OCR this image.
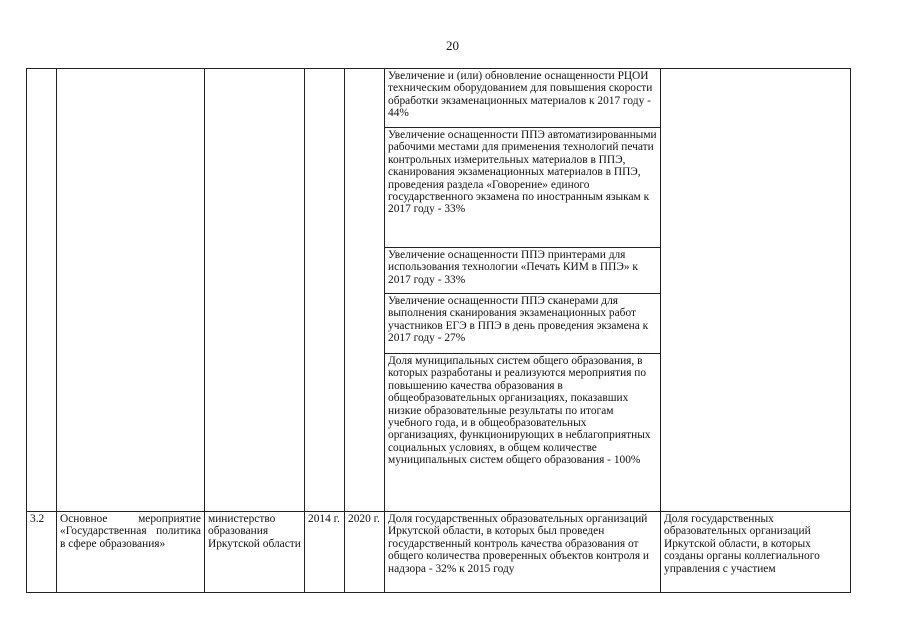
20
					Увеличение и (или) обновление оснащенности РЦОИ техническим оборудованием для повышения скорости обработки экзаменационных материалов к 2017 году - 44%	
					Увеличение оснащенности ППЭ автоматизированными рабочими местами для применения технологий печати контрольных измерительных материалов в ППЭ, сканирования экзаменационных материалов в ППЭ, проведения раздела «Говорение» единого государственного экзамена по иностранным языкам к 2017 году - 33%	
					Увеличение оснащенности ППЭ принтерами для использования технологии «Печать КИМ в ППЭ» к 2017 году - 33%	
					Увеличение оснащенности ППЭ сканерами для выполнения сканирования экзаменационных работ участников ЕГЭ в ППЭ в день проведения экзамена к 2017 году - 27%	
					Доля муниципальных систем общего образования, в которых разработаны и реализуются мероприятия по повышению качества образования в общеобразовательных организациях, показавших низкие образовательные результаты по итогам учебного года, и в общеобразовательных организациях, функционирующих в неблагоприятных социальных условиях, в общем количестве муниципальных систем общего образования - 100%	
3.2	Основное мероприятие «Государственная политика в сфере образования»	министерство образования Иркутской области	2014 г.	2020 г.	Доля государственных образовательных организаций Иркутской области, в которых был проведен государственный контроль качества образования от общего количества проверенных объектов контроля и надзора - 32% к 2015 году	Доля государственных образовательных организаций Иркутской области, в которых созданы органы коллегиального управления с участием
